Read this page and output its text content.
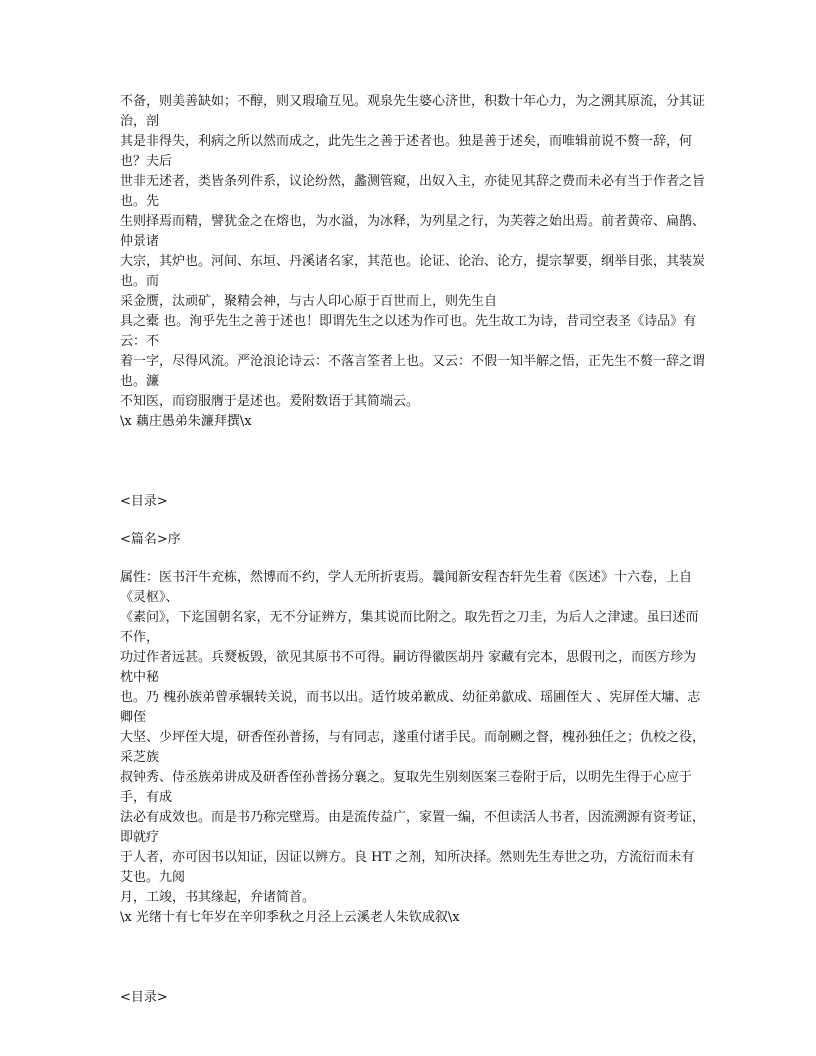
不备，则美善缺如；不醇，则又瑕瑜互见。观泉先生婆心济世，积数十年心力，为之溯其原流，分其证治，剖
其是非得失，利病之所以然而成之，此先生之善于述者也。独是善于述矣，而唯辑前说不赘一辞，何也？夫后
世非无述者，类皆条列件系，议论纷然，蠡测管窥，出奴入主，亦徒见其辞之费而未必有当于作者之旨也。先
生则择焉而精，譬犹金之在熔也，为水溢，为冰释，为列星之行，为芙蓉之始出焉。前者黄帝、扁鹊、仲景诸
大宗，其炉也。河间、东垣、丹溪诸名家，其范也。论证、论治、论方，提宗挈要，纲举目张，其装炭也。而
采金赝，汰顽矿，聚精会神，与古人印心原于百世而上，则先生自
具之橐 也。洵乎先生之善于述也！即谓先生之以述为作可也。先生故工为诗，昔司空表圣《诗品》有云：不
着一字，尽得风流。严沧浪论诗云：不落言筌者上也。又云：不假一知半解之悟，正先生不赘一辞之谓也。濂
不知医，而窃服膺于是述也。爰附数语于其简端云。
\x 藕庄愚弟朱濂拜撰\x
<目录>
<篇名>序
属性：医书汗牛充栋，然博而不约，学人无所折衷焉。曩闻新安程杏轩先生着《医述》十六卷，上自《灵枢》、
《素问》，下迄国朝名家，无不分证辨方，集其说而比附之。取先哲之刀圭，为后人之津逮。虽曰述而不作，
功过作者远甚。兵燹板毁，欲见其原书不可得。嗣访得徽医胡丹 家藏有完本，思假刊之，而医方珍为枕中秘
也。乃 槐孙族弟曾承辗转关说，而书以出。适竹坡弟歉成、幼征弟歙成、瑶圃侄大 、宪屏侄大墉、志卿侄
大坚、少坪侄大堤，研香侄孙普扬，与有同志，遂重付诸手民。而剞劂之督，槐孙独任之；仇校之役，采芝族
叔钟秀、侍丞族弟讲成及研香侄孙普扬分襄之。复取先生别刻医案三卷附于后，以明先生得于心应于手，有成
法必有成效也。而是书乃称完壁焉。由是流传益广，家置一编，不但读活人书者，因流溯源有资考证，即就疗
于人者，亦可因书以知证，因证以辨方。良 HT 之剂，知所决择。然则先生寿世之功，方流衍而未有艾也。九阅
月，工竣，书其缘起，弁诸简首。
\x 光绪十有七年岁在辛卯季秋之月泾上云溪老人朱钦成叙\x
<目录>
